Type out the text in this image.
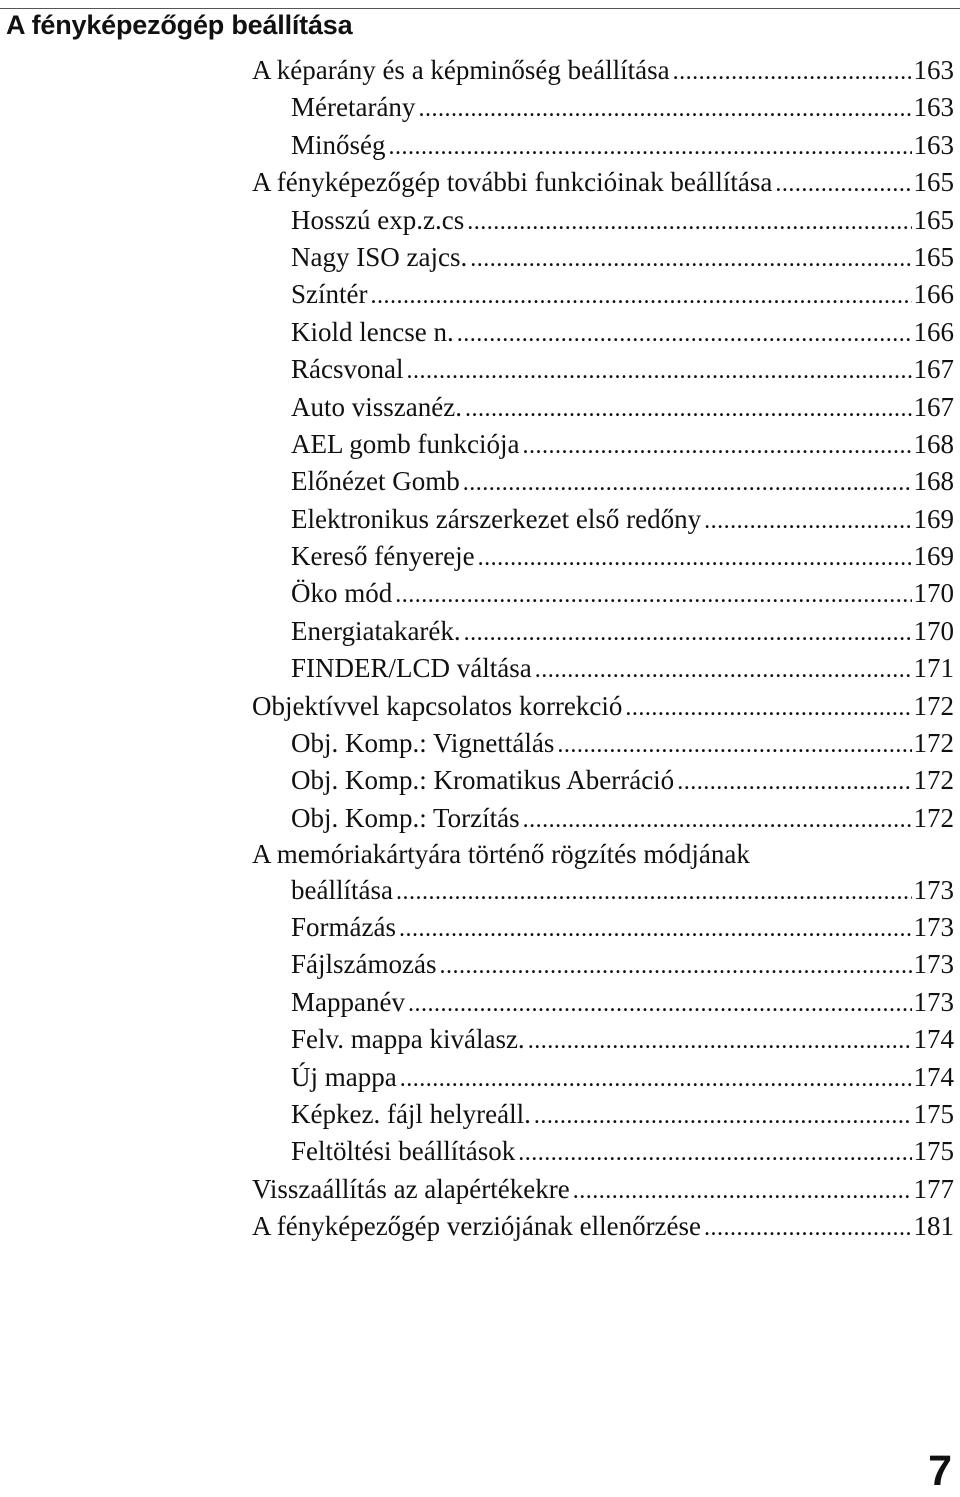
A fényképezőgép beállítása
A képarány és a képminőség beállítása .....	163
Méretarány .....	163
Minőség .....	163
A fényképezőgép további funkcióinak beállítása .....	165
Hosszú exp.z.cs .....	165
Nagy ISO zajcs. .....	165
Színtér .....	166
Kiold lencse n. .....	166
Rácsvonal .....	167
Auto visszanéz. .....	167
AEL gomb funkciója .....	168
Előnézet Gomb .....	168
Elektronikus zárszerkezet első redőny .....	169
Kereső fényereje .....	169
Öko mód .....	170
Energiatakarék. .....	170
FINDER/LCD váltása .....	171
Objektívvel kapcsolatos korrekció .....	172
Obj. Komp.: Vignettálás .....	172
Obj. Komp.: Kromatikus Aberráció .....	172
Obj. Komp.: Torzítás .....	172
A memóriakártyára történő rögzítés módjának
beállítása .....	173
Formázás .....	173
Fájlszámozás .....	173
Mappanév .....	173
Felv. mappa kiválasz. .....	174
Új mappa .....	174
Képkez. fájl helyreáll. .....	175
Feltöltési beállítások .....	175
Visszaállítás az alapértékekre .....	177
A fényképezőgép verziójának ellenőrzése .....	181
7
